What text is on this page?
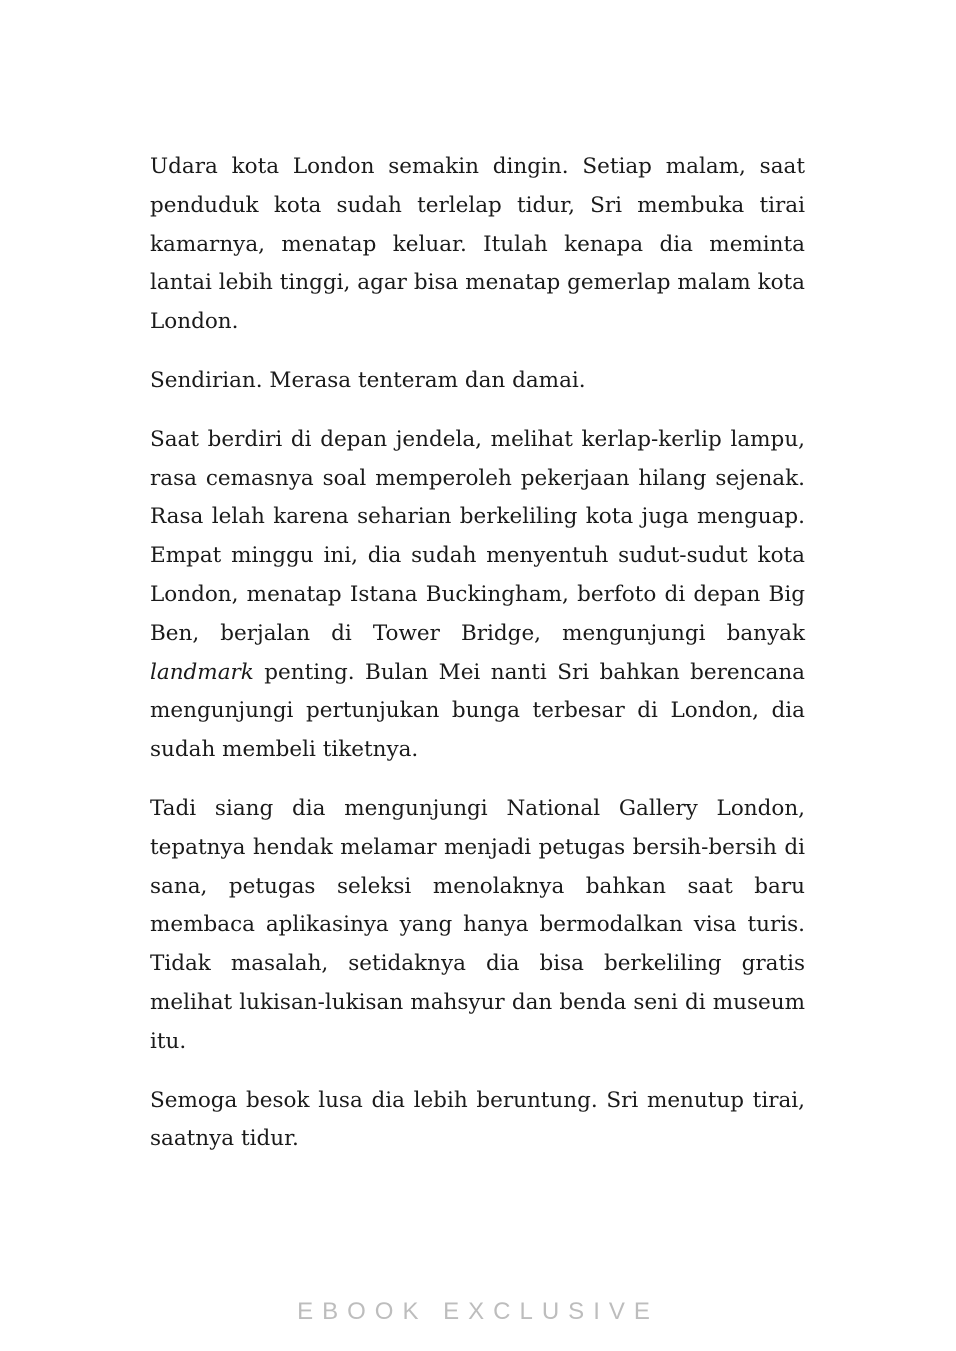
Udara kota London semakin dingin. Setiap malam, saat penduduk kota sudah terlelap tidur, Sri membuka tirai kamarnya, menatap keluar. Itulah kenapa dia meminta lantai lebih tinggi, agar bisa menatap gemerlap malam kota London.

Sendirian. Merasa tenteram dan damai.

Saat berdiri di depan jendela, melihat kerlap-kerlip lampu, rasa cemasnya soal memperoleh pekerjaan hilang sejenak. Rasa lelah karena seharian berkeliling kota juga menguap. Empat minggu ini, dia sudah menyentuh sudut-sudut kota London, menatap Istana Buckingham, berfoto di depan Big Ben, berjalan di Tower Bridge, mengunjungi banyak landmark penting. Bulan Mei nanti Sri bahkan berencana mengunjungi pertunjukan bunga terbesar di London, dia sudah membeli tiketnya.

Tadi siang dia mengunjungi National Gallery London, tepatnya hendak melamar menjadi petugas bersih-bersih di sana, petugas seleksi menolaknya bahkan saat baru membaca aplikasinya yang hanya bermodalkan visa turis. Tidak masalah, setidaknya dia bisa berkeliling gratis melihat lukisan-lukisan mahsyur dan benda seni di museum itu.

Semoga besok lusa dia lebih beruntung. Sri menutup tirai, saatnya tidur.

EBOOK EXCLUSIVE
